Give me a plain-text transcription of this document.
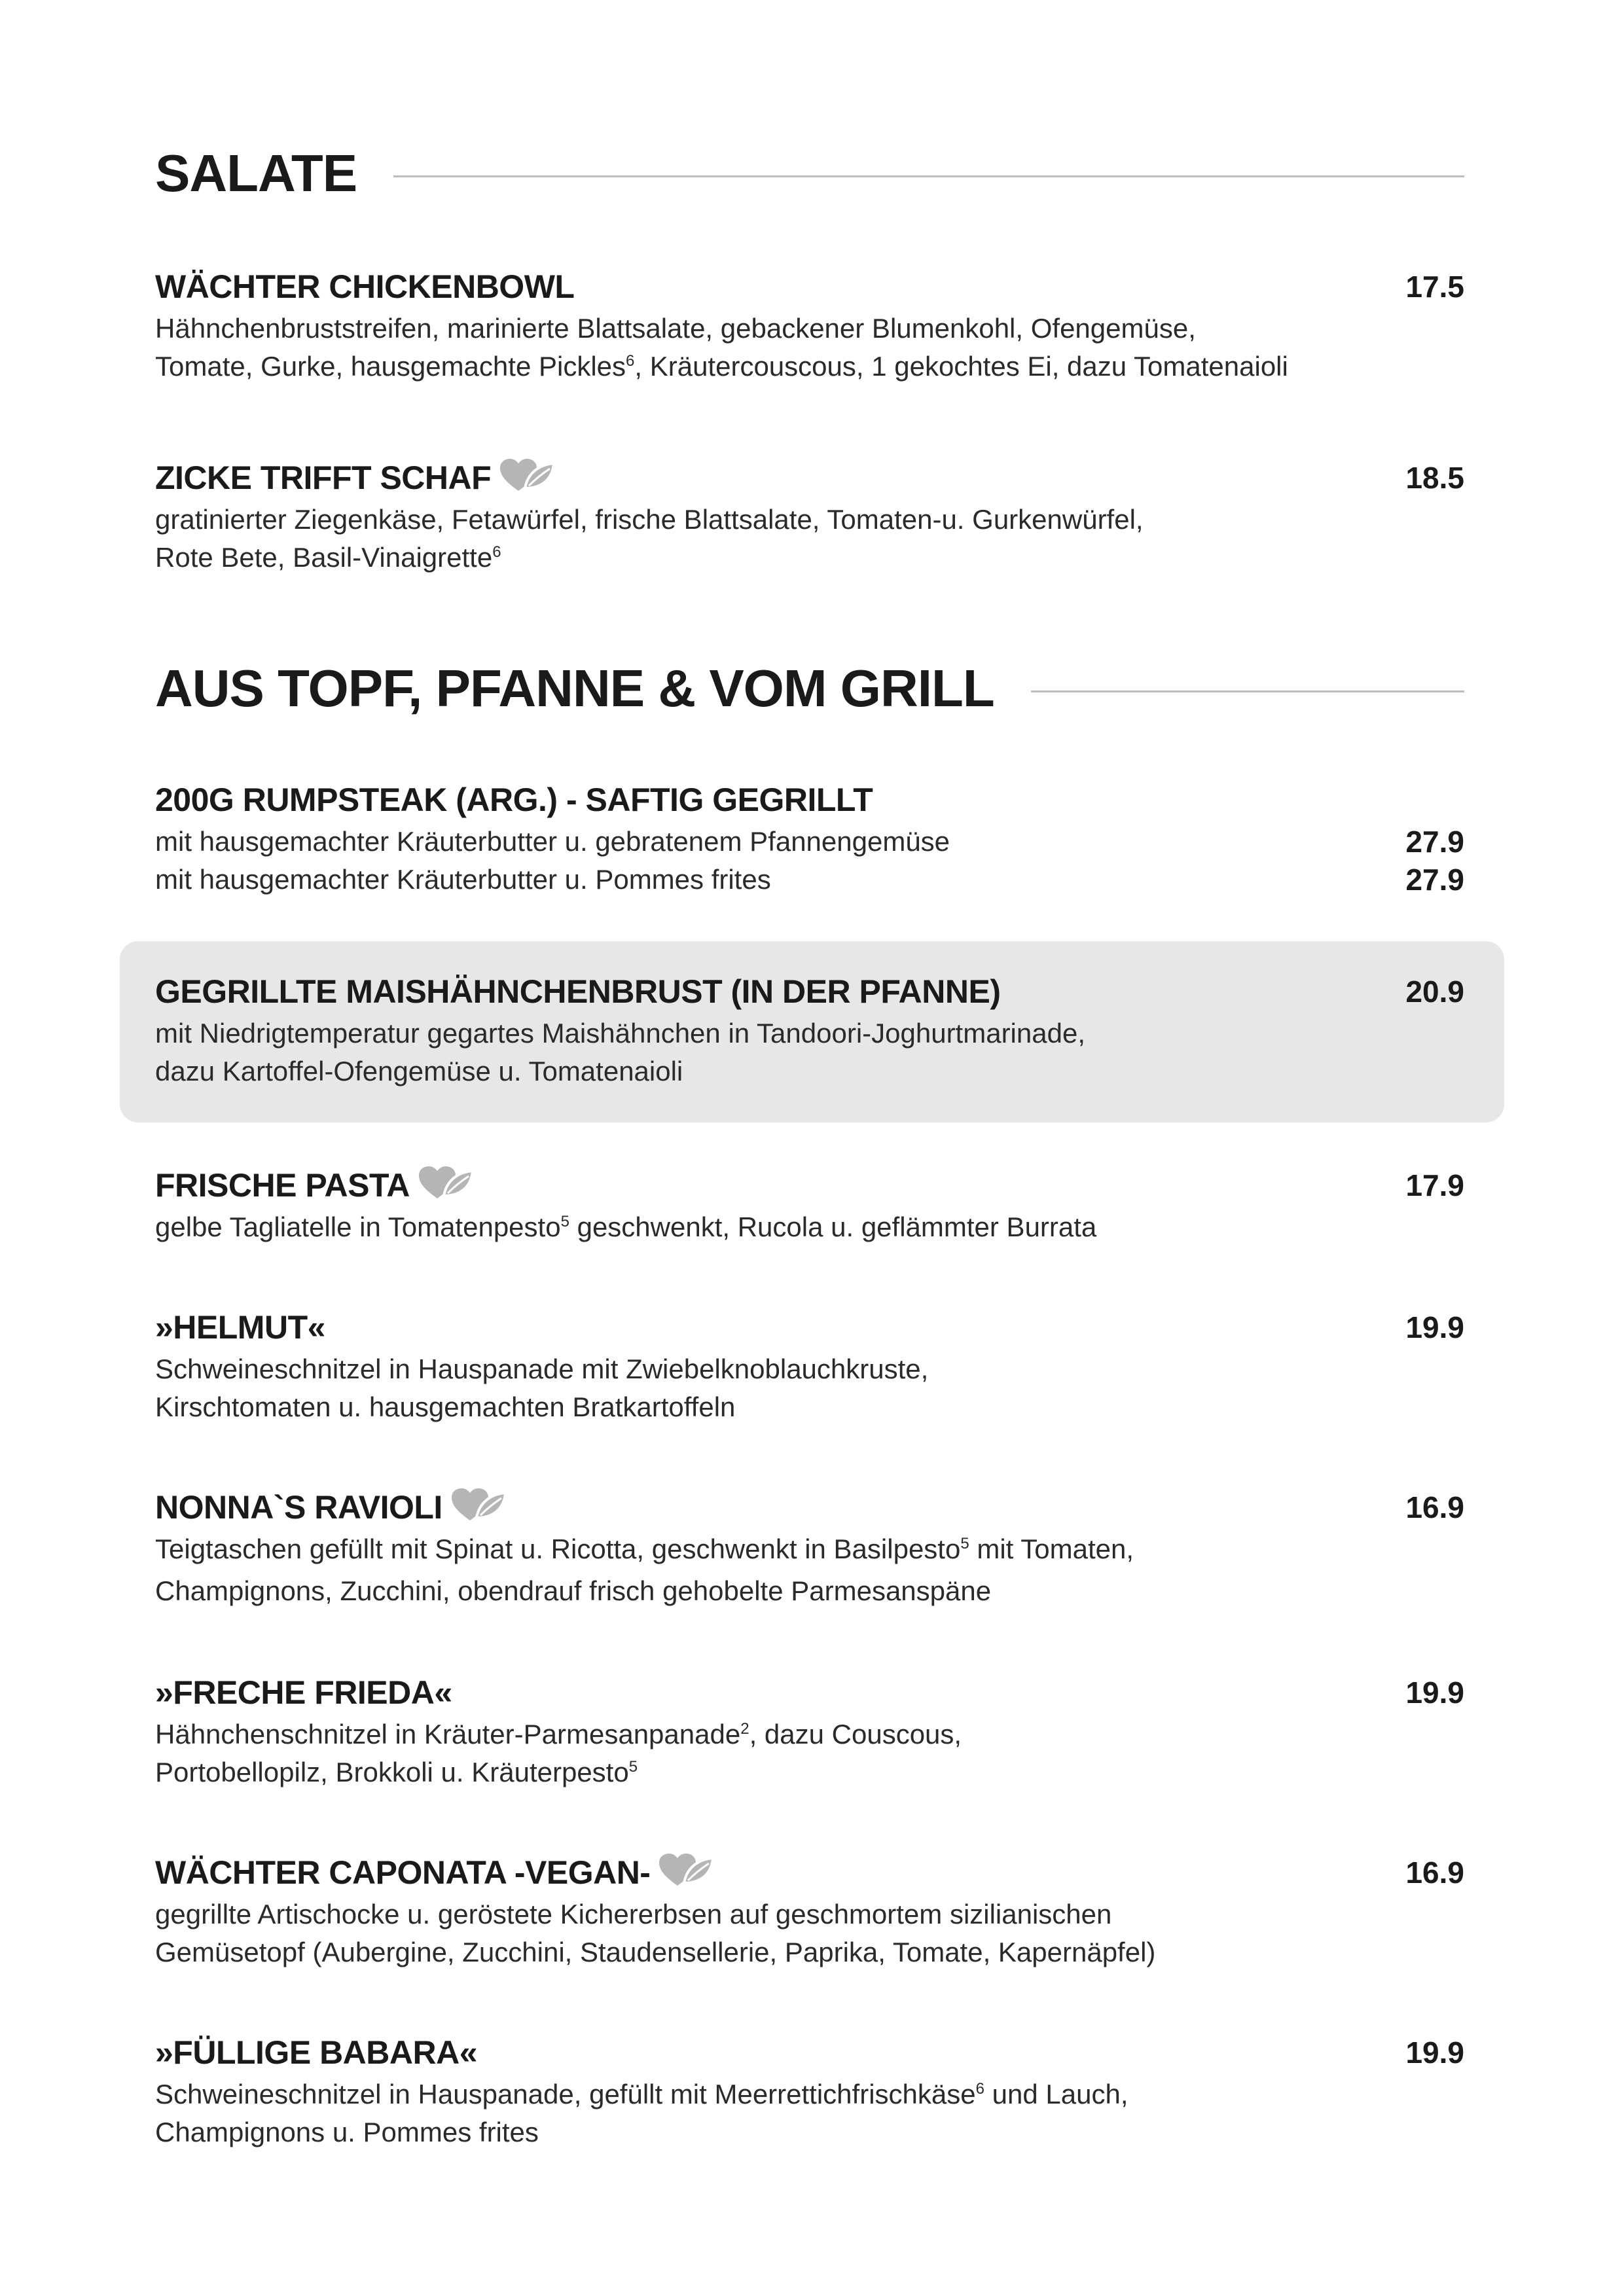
SALATE
WÄCHTER CHICKENBOWL	17.5
Hähnchenbruststreifen, marinierte Blattsalate, gebackener Blumenkohl, Ofengemüse,
Tomate, Gurke, hausgemachte Pickles$^6$, Kräutercouscous, 1 gekochtes Ei, dazu Tomatenaioli
ZICKE TRIFFT SCHAF	18.5
gratinierter Ziegenkäse, Fetawürfel, frische Blattsalate, Tomaten-u. Gurkenwürfel,
Rote Bete, Basil-Vinaigrette$^6$
AUS TOPF, PFANNE & VOM GRILL
200G RUMPSTEAK (ARG.) - SAFTIG GEGRILLT
mit hausgemachter Kräuterbutter u. gebratenem Pfannengemüse	27.9
mit hausgemachter Kräuterbutter u. Pommes frites	27.9
GEGRILLTE MAISHÄHNCHENBRUST (IN DER PFANNE)	20.9
mit Niedrigtemperatur gegartes Maishähnchen in Tandoori-Joghurtmarinade,
dazu Kartoffel-Ofengemüse u. Tomatenaioli
FRISCHE PASTA	17.9
gelbe Tagliatelle in Tomatenpesto$^5$ geschwenkt, Rucola u. geflämmter Burrata
»HELMUT«	19.9
Schweineschnitzel in Hauspanade mit Zwiebelknoblauchkruste,
Kirschtomaten u. hausgemachten Bratkartoffeln
NONNA`S RAVIOLI	16.9
Teigtaschen gefüllt mit Spinat u. Ricotta, geschwenkt in Basilpesto$^5$ mit Tomaten,
Champignons, Zucchini, obendrauf frisch gehobelte Parmesanspäne
»FRECHE FRIEDA«	19.9
Hähnchenschnitzel in Kräuter-Parmesanpanade$^2$, dazu Couscous,
Portobellopilz, Brokkoli u. Kräuterpesto$^5$
WÄCHTER CAPONATA -VEGAN-	16.9
gegrillte Artischocke u. geröstete Kichererbsen auf geschmortem sizilianischen
Gemüsetopf (Aubergine, Zucchini, Staudensellerie, Paprika, Tomate, Kapernäpfel)
»FÜLLIGE BABARA«	19.9
Schweineschnitzel in Hauspanade, gefüllt mit Meerrettichfrischkäse$^6$ und Lauch,
Champignons u. Pommes frites
